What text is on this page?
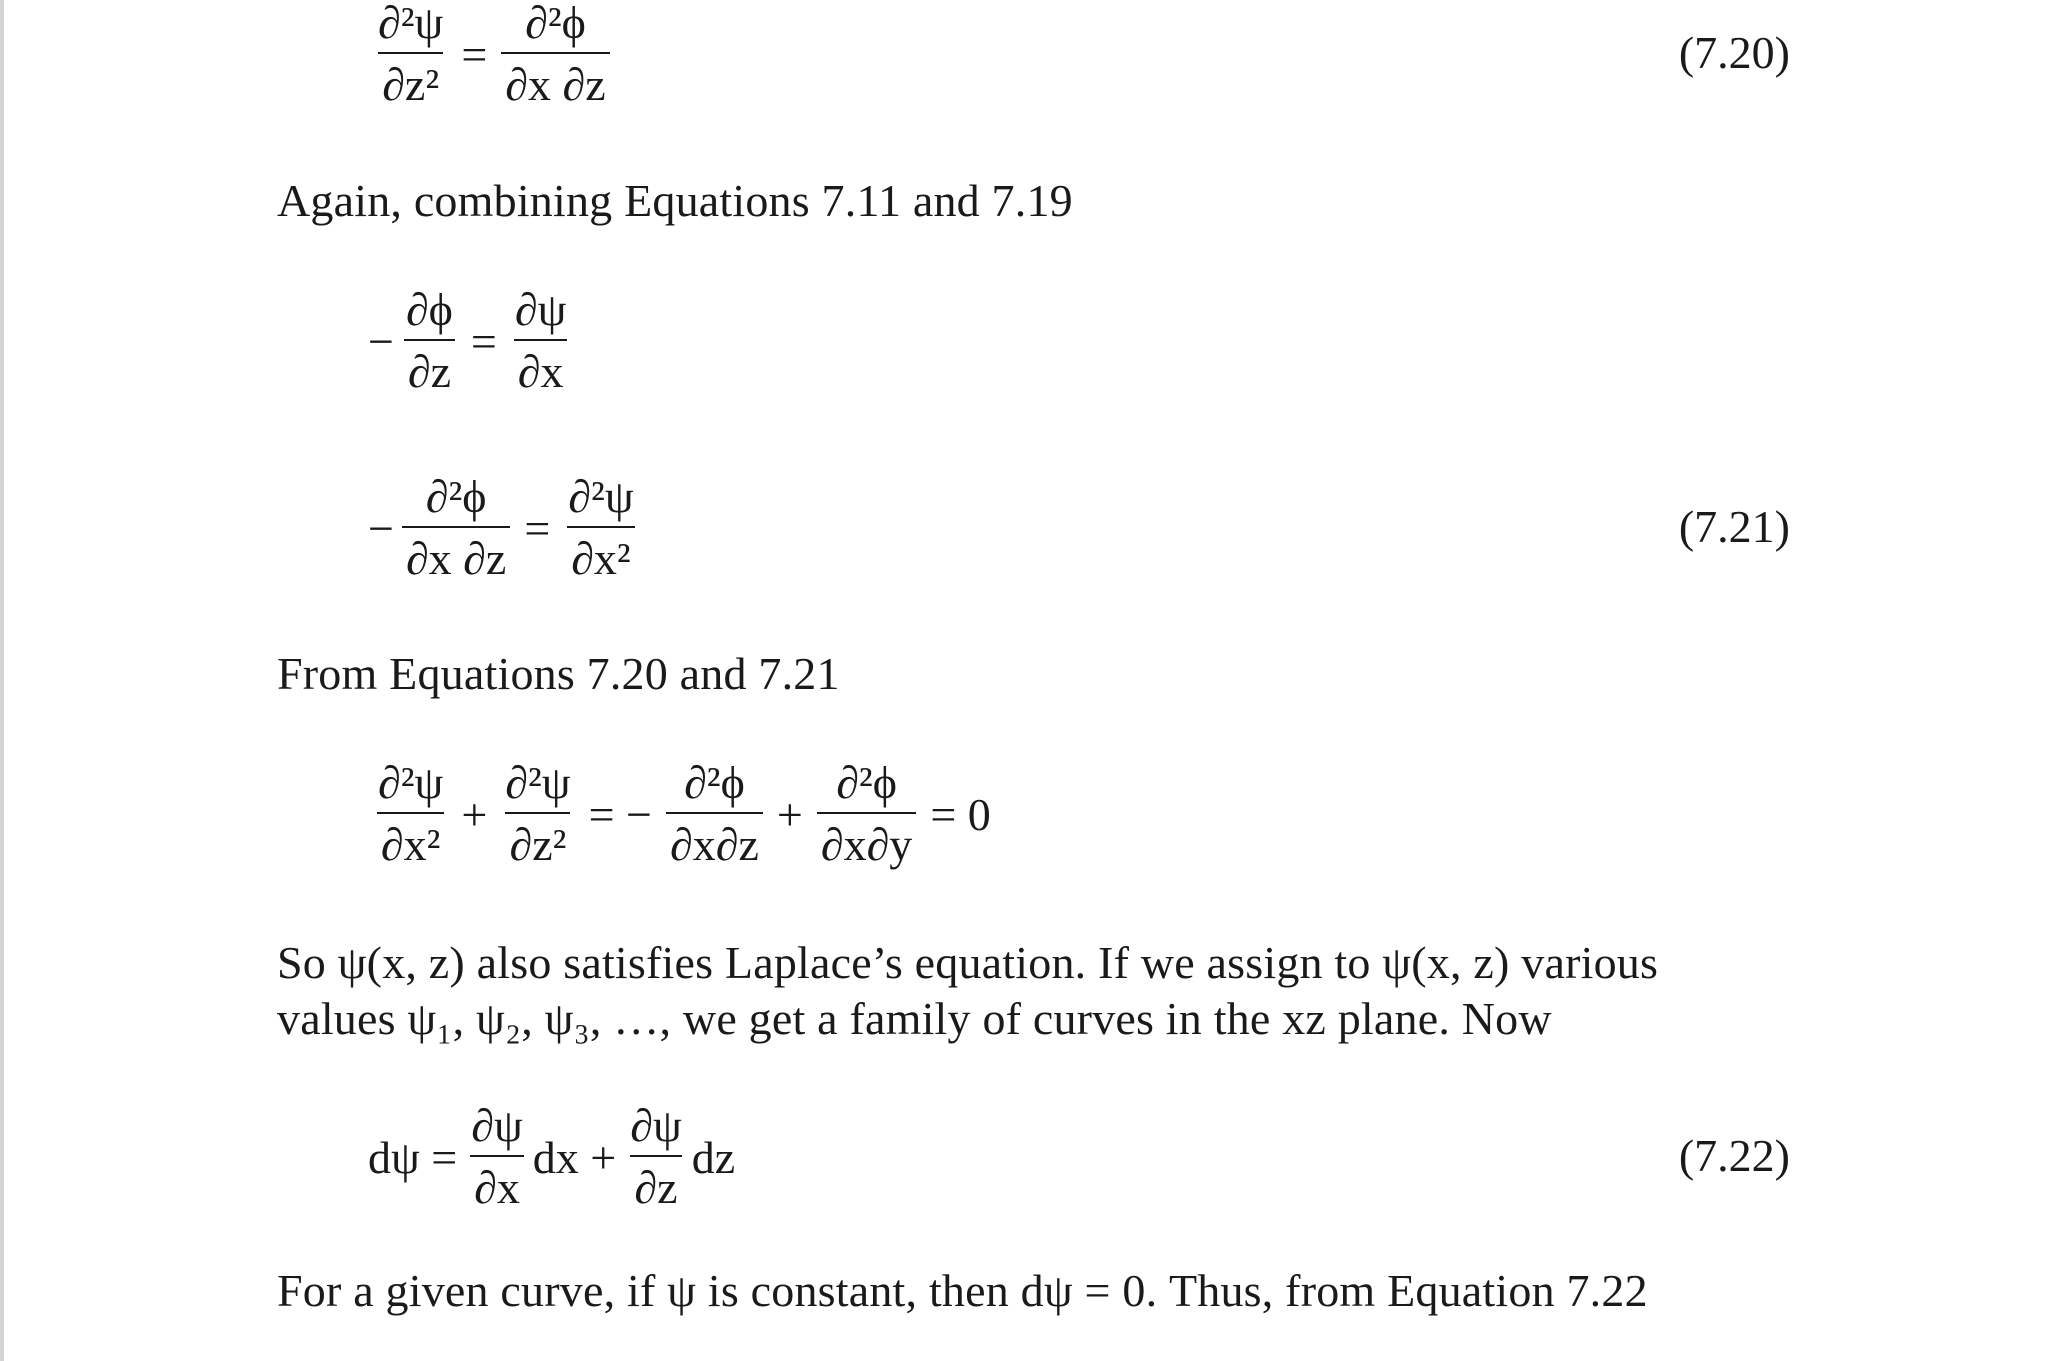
$\frac{\text{∂²ψ}}{\text{∂z²}} = \frac{\text{∂²ϕ}}{\partial x \partial z}$	(7.20)
Again, combining Equations 7.11 and 7.19
− $\frac{\partial\phi}{\partial z} = \frac{\partial\psi}{\partial x}$
− $\frac{\text{∂²ϕ}}{\partial x \partial z} = \frac{\text{∂²ψ}}{\text{∂x²}}$	(7.21)
From Equations 7.20 and 7.21
$\frac{\text{∂²ψ}}{\text{∂x²}} + \frac{\text{∂²ψ}}{\text{∂z²}}$ = − $\frac{\text{∂²ϕ}}{\partial x\partial z} + \frac{\text{∂²ϕ}}{\partial x\partial y} = 0$
So ψ(x, z) also satisfies Laplace’s equation. If we assign to ψ(x, z) various
values ψ₁, ψ₂, ψ₃, …, we get a family of curves in the xz plane. Now
$d\psi = \frac{\partial\psi}{\partial x}$ dx + $\frac{\partial\psi}{\partial z}$ dz	(7.22)
For a given curve, if ψ is constant, then dψ = 0. Thus, from Equation 7.22
